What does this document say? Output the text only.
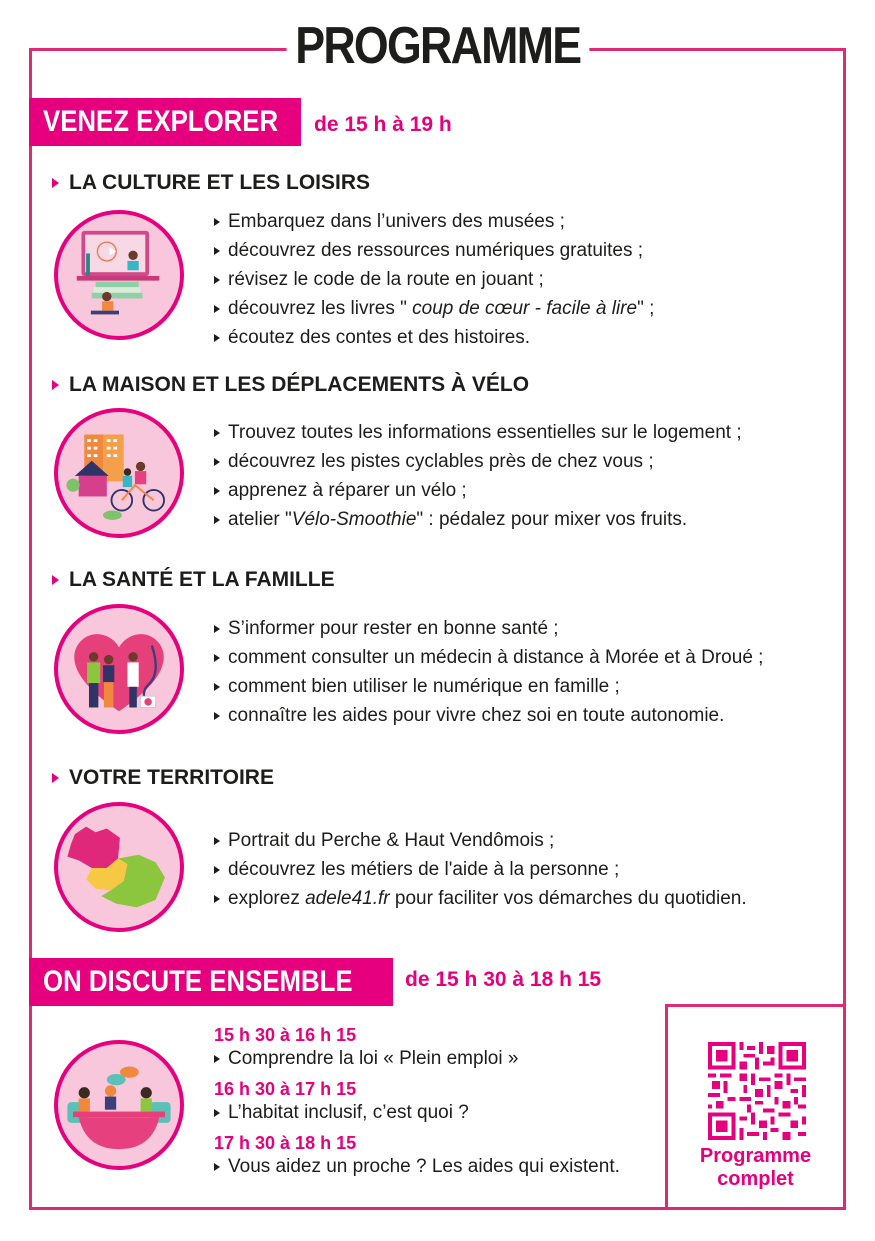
PROGRAMME
VENEZ EXPLORER	de 15 h à 19 h
LA CULTURE ET LES LOISIRS
Embarquez dans l’univers des musées ;
découvrez des ressources numériques gratuites ;
révisez le code de la route en jouant ;
découvrez les livres "
coup de cœur - facile à lire " ;
écoutez des contes et des histoires.
LA MAISON ET LES DÉPLACEMENTS À VÉLO
Trouvez toutes les informations essentielles sur le logement ;
découvrez les pistes cyclables près de chez vous ;
apprenez à réparer un vélo ;
atelier " Vélo-Smoothie " : pédalez pour mixer vos fruits.
LA SANTÉ ET LA FAMILLE
S’informer pour rester en bonne santé ;
comment consulter un médecin à distance à Morée et à Droué ;
comment bien utiliser le numérique en famille ;
connaître les aides pour vivre chez soi en toute autonomie.
VOTRE TERRITOIRE
Portrait du Perche & Haut Vendômois ;
découvrez les métiers de l'aide à la personne ;
explorez
adele41.fr
pour faciliter vos démarches du quotidien.
ON DISCUTE ENSEMBLE	de 15 h 30 à 18 h 15
15 h 30 à 16 h 15
Comprendre la loi « Plein emploi »
16 h 30 à 17 h 15
L’habitat inclusif, c’est quoi ?
17 h 30 à 18 h 15
Vous aidez un proche ? Les aides qui existent.	Programme
complet
